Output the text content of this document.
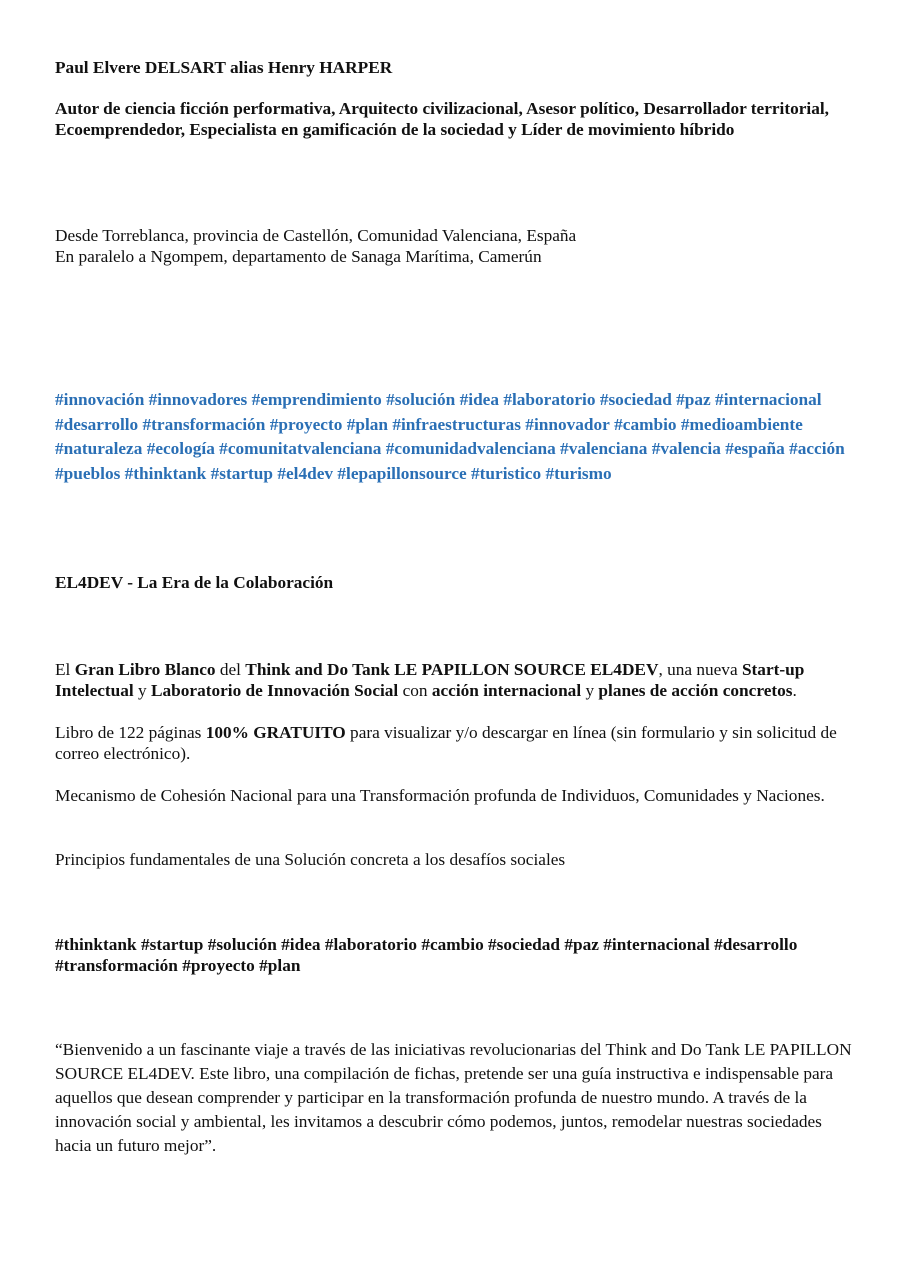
Paul Elvere DELSART alias Henry HARPER
Autor de ciencia ficción performativa, Arquitecto civilizacional, Asesor político, Desarrollador territorial, Ecoemprendedor, Especialista en gamificación de la sociedad y Líder de movimiento híbrido
Desde Torreblanca, provincia de Castellón, Comunidad Valenciana, España
En paralelo a Ngompem, departamento de Sanaga Marítima, Camerún
#innovación #innovadores #emprendimiento #solución #idea #laboratorio #sociedad #paz #internacional #desarrollo #transformación #proyecto #plan #infraestructuras #innovador #cambio #medioambiente #naturaleza #ecología #comunitatvalenciana #comunidadvalenciana #valenciana #valencia #españa #acción #pueblos #thinktank #startup #el4dev #lepapillonsource #turistico #turismo
EL4DEV - La Era de la Colaboración
El Gran Libro Blanco del Think and Do Tank LE PAPILLON SOURCE EL4DEV, una nueva Start-up Intelectual y Laboratorio de Innovación Social con acción internacional y planes de acción concretos.
Libro de 122 páginas 100% GRATUITO para visualizar y/o descargar en línea (sin formulario y sin solicitud de correo electrónico).
Mecanismo de Cohesión Nacional para una Transformación profunda de Individuos, Comunidades y Naciones.
Principios fundamentales de una Solución concreta a los desafíos sociales
#thinktank #startup #solución #idea #laboratorio #cambio #sociedad #paz #internacional #desarrollo #transformación #proyecto #plan
“Bienvenido a un fascinante viaje a través de las iniciativas revolucionarias del Think and Do Tank LE PAPILLON SOURCE EL4DEV. Este libro, una compilación de fichas, pretende ser una guía instructiva e indispensable para aquellos que desean comprender y participar en la transformación profunda de nuestro mundo. A través de la innovación social y ambiental, les invitamos a descubrir cómo podemos, juntos, remodelar nuestras sociedades hacia un futuro mejor”.
